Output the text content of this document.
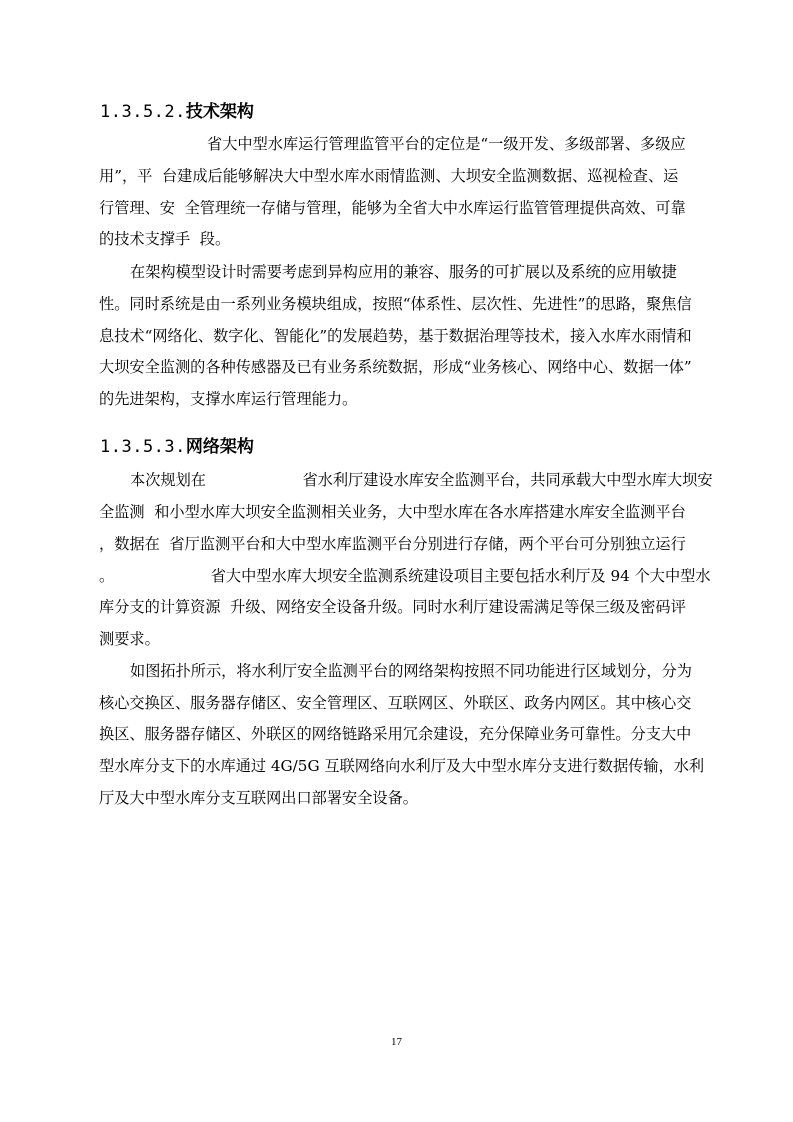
1.3.5.2.技术架构
省大中型水库运行管理监管平台的定位是“一级开发、多级部署、多级应
用”，平  台建成后能够解决大中型水库水雨情监测、大坝安全监测数据、巡视检查、运
行管理、安  全管理统一存储与管理，能够为全省大中水库运行监管管理提供高效、可靠
的技术支撑手  段。
在架构模型设计时需要考虑到异构应用的兼容、服务的可扩展以及系统的应用敏捷
性。同时系统是由一系列业务模块组成，按照“体系性、层次性、先进性”的思路，聚焦信
息技术“网络化、数字化、智能化”的发展趋势，基于数据治理等技术，接入水库水雨情和
大坝安全监测的各种传感器及已有业务系统数据，形成“业务核心、网络中心、数据一体”
的先进架构，支撑水库运行管理能力。
1.3.5.3.网络架构
本次规划在                    省水利厅建设水库安全监测平台，共同承载大中型水库大坝安
全监测  和小型水库大坝安全监测相关业务，大中型水库在各水库搭建水库安全监测平台
，数据在  省厅监测平台和大中型水库监测平台分别进行存储，两个平台可分别独立运行
。                    省大中型水库大坝安全监测系统建设项目主要包括水利厅及 94 个大中型水
库分支的计算资源  升级、网络安全设备升级。同时水利厅建设需满足等保三级及密码评
测要求。
如图拓扑所示，将水利厅安全监测平台的网络架构按照不同功能进行区域划分，分为
核心交换区、服务器存储区、安全管理区、互联网区、外联区、政务内网区。其中核心交
换区、服务器存储区、外联区的网络链路采用冗余建设，充分保障业务可靠性。分支大中
型水库分支下的水库通过 4G/5G 互联网络向水利厅及大中型水库分支进行数据传输，水利
厅及大中型水库分支互联网出口部署安全设备。
17
